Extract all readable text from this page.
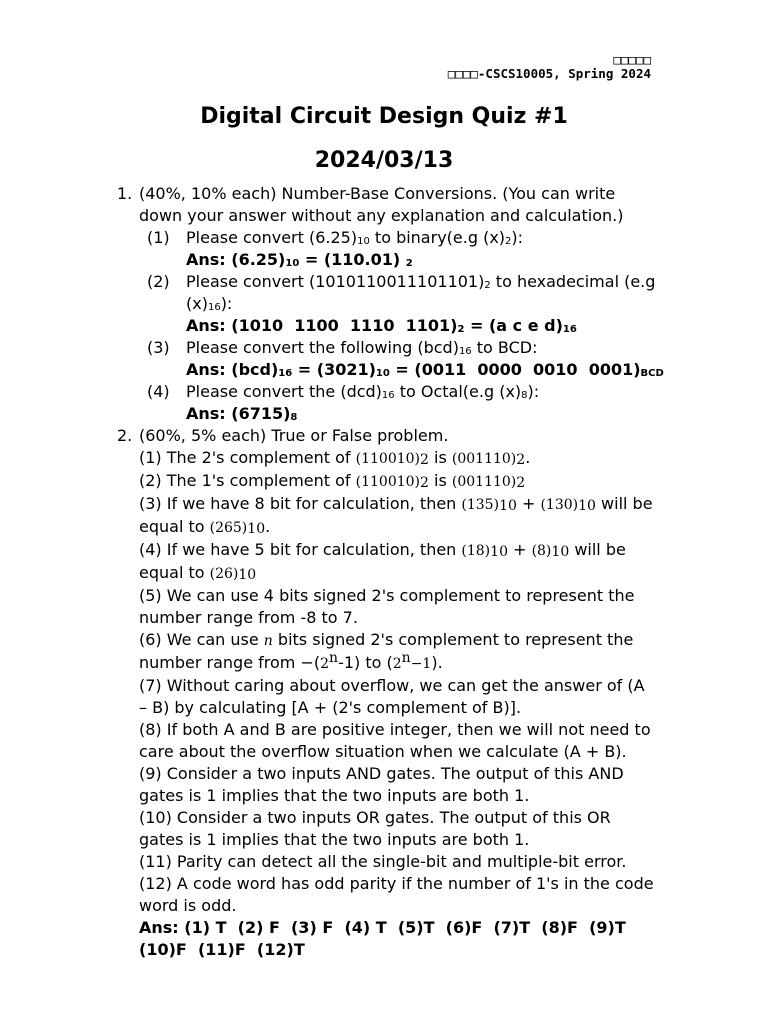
□□□□□
□□□□-CSCS10005, Spring 2024
Digital Circuit Design Quiz #1
2024/03/13
1. (40%, 10% each) Number-Base Conversions. (You can write down your answer without any explanation and calculation.)
(1) Please convert $(6.25)_{10}$ to binary(e.g $(x)_2$):
Ans: $(6.25)_{10} = (110.01)$ $_2$
(2) Please convert $(1010110011101101)_2$ to hexadecimal (e.g $(x)_{16}$):
Ans: (1010  1100  1110  $1101)_2 = (a$ c e $d)_{16}$
(3) Please convert the following $(bcd)_{16}$ to BCD:
Ans: $(bcd)_{16} = (3021)_{10} = (0011$  0000  0010  $0001)_{BCD}$
(4) Please convert the $(dcd)_{16}$ to Octal(e.g $(x)_8$):
Ans: $(6715)_8$
2. (60%, 5% each) True or False problem.
(1) The 2's complement of $(110010)_2$ is $(001110)_2$.
(2) The 1's complement of $(110010)_2$ is $(001110)_2$
(3) If we have 8 bit for calculation, then $(135)_{10} + (130)_{10}$ will be equal to $(265)_{10}$.
(4) If we have 5 bit for calculation, then $(18)_{10} + (8)_{10}$ will be equal to $(26)_{10}$
(5) We can use 4 bits signed 2's complement to represent the number range from -8 to 7.
(6) We can use n bits signed 2's complement to represent the number range from $-(2^n-1)$ to $(2^n-1)$.
(7) Without caring about overflow, we can get the answer of (A – B) by calculating [A + (2's complement of B)].
(8) If both A and B are positive integer, then we will not need to care about the overflow situation when we calculate (A + B).
(9) Consider a two inputs AND gates. The output of this AND gates is 1 implies that the two inputs are both 1.
(10) Consider a two inputs OR gates. The output of this OR gates is 1 implies that the two inputs are both 1.
(11) Parity can detect all the single-bit and multiple-bit error.
(12) A code word has odd parity if the number of 1's in the code word is odd.
Ans: (1) T  (2) F  (3) F  (4) T  (5)T  (6)F  (7)T  (8)F  (9)T
(10)F  (11)F  (12)T
